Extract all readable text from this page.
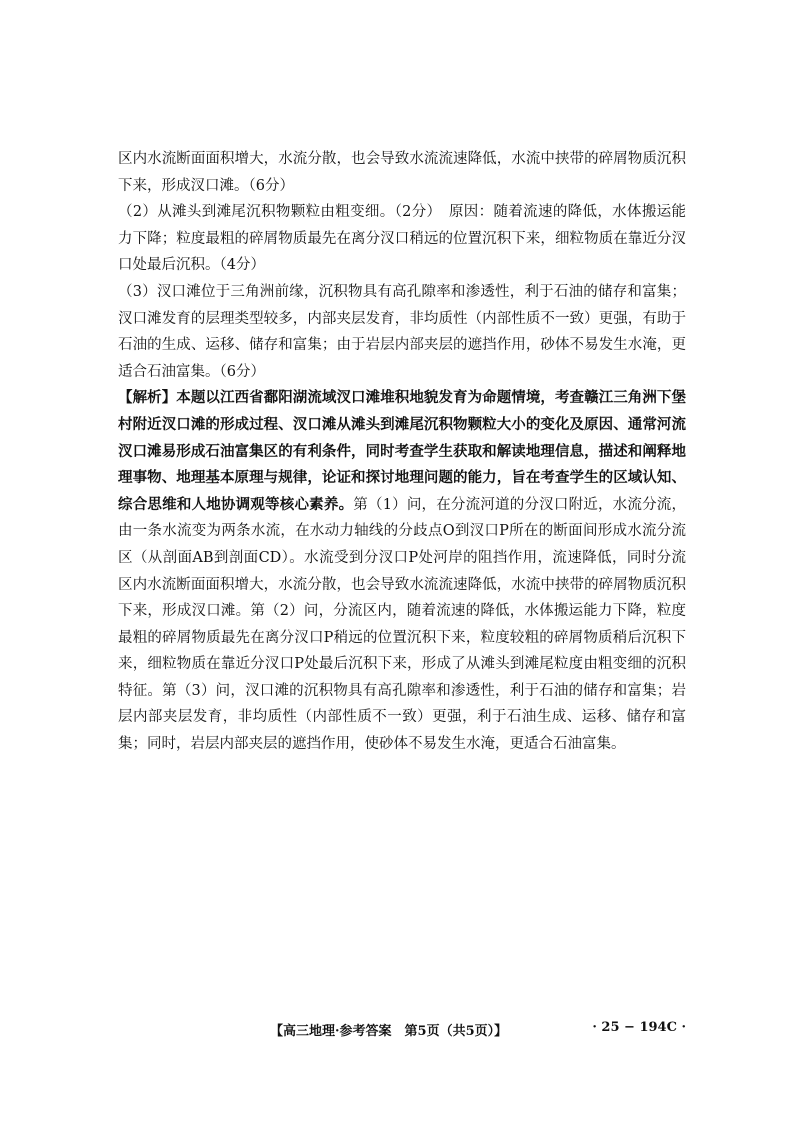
区内水流断面面积增大，水流分散，也会导致水流流速降低，水流中挟带的碎屑物质沉积下来，形成汊口滩。（6分）

（2）从滩头到滩尾沉积物颗粒由粗变细。（2分）　原因：随着流速的降低，水体搬运能力下降；粒度最粗的碎屑物质最先在离分汊口稍远的位置沉积下来，细粒物质在靠近分汊口处最后沉积。（4分）

（3）汊口滩位于三角洲前缘，沉积物具有高孔隙率和渗透性，利于石油的储存和富集；汊口滩发育的层理类型较多，内部夹层发育，非均质性（内部性质不一致）更强，有助于石油的生成、运移、储存和富集；由于岩层内部夹层的遮挡作用，砂体不易发生水淹，更适合石油富集。（6分）

【解析】本题以江西省鄱阳湖流域汊口滩堆积地貌发育为命题情境，考查赣江三角洲下堡村附近汊口滩的形成过程、汊口滩从滩头到滩尾沉积物颗粒大小的变化及原因、通常河流汊口滩易形成石油富集区的有利条件，同时考查学生获取和解读地理信息，描述和阐释地理事物、地理基本原理与规律，论证和探讨地理问题的能力，旨在考查学生的区域认知、综合思维和人地协调观等核心素养。第（1）问，在分流河道的分汊口附近，水流分流，由一条水流变为两条水流，在水动力轴线的分歧点O到汊口P所在的断面间形成水流分流区（从剖面AB到剖面CD）。水流受到分汊口P处河岸的阻挡作用，流速降低，同时分流区内水流断面面积增大，水流分散，也会导致水流流速降低，水流中挟带的碎屑物质沉积下来，形成汊口滩。第（2）问，分流区内，随着流速的降低，水体搬运能力下降，粒度最粗的碎屑物质最先在离分汊口P稍远的位置沉积下来，粒度较粗的碎屑物质稍后沉积下来，细粒物质在靠近分汊口P处最后沉积下来，形成了从滩头到滩尾粒度由粗变细的沉积特征。第（3）问，汊口滩的沉积物具有高孔隙率和渗透性，利于石油的储存和富集；岩层内部夹层发育，非均质性（内部性质不一致）更强，利于石油生成、运移、储存和富集；同时，岩层内部夹层的遮挡作用，使砂体不易发生水淹，更适合石油富集。

【高三地理·参考答案　第5页（共5页）】	· 25 − 194C ·
